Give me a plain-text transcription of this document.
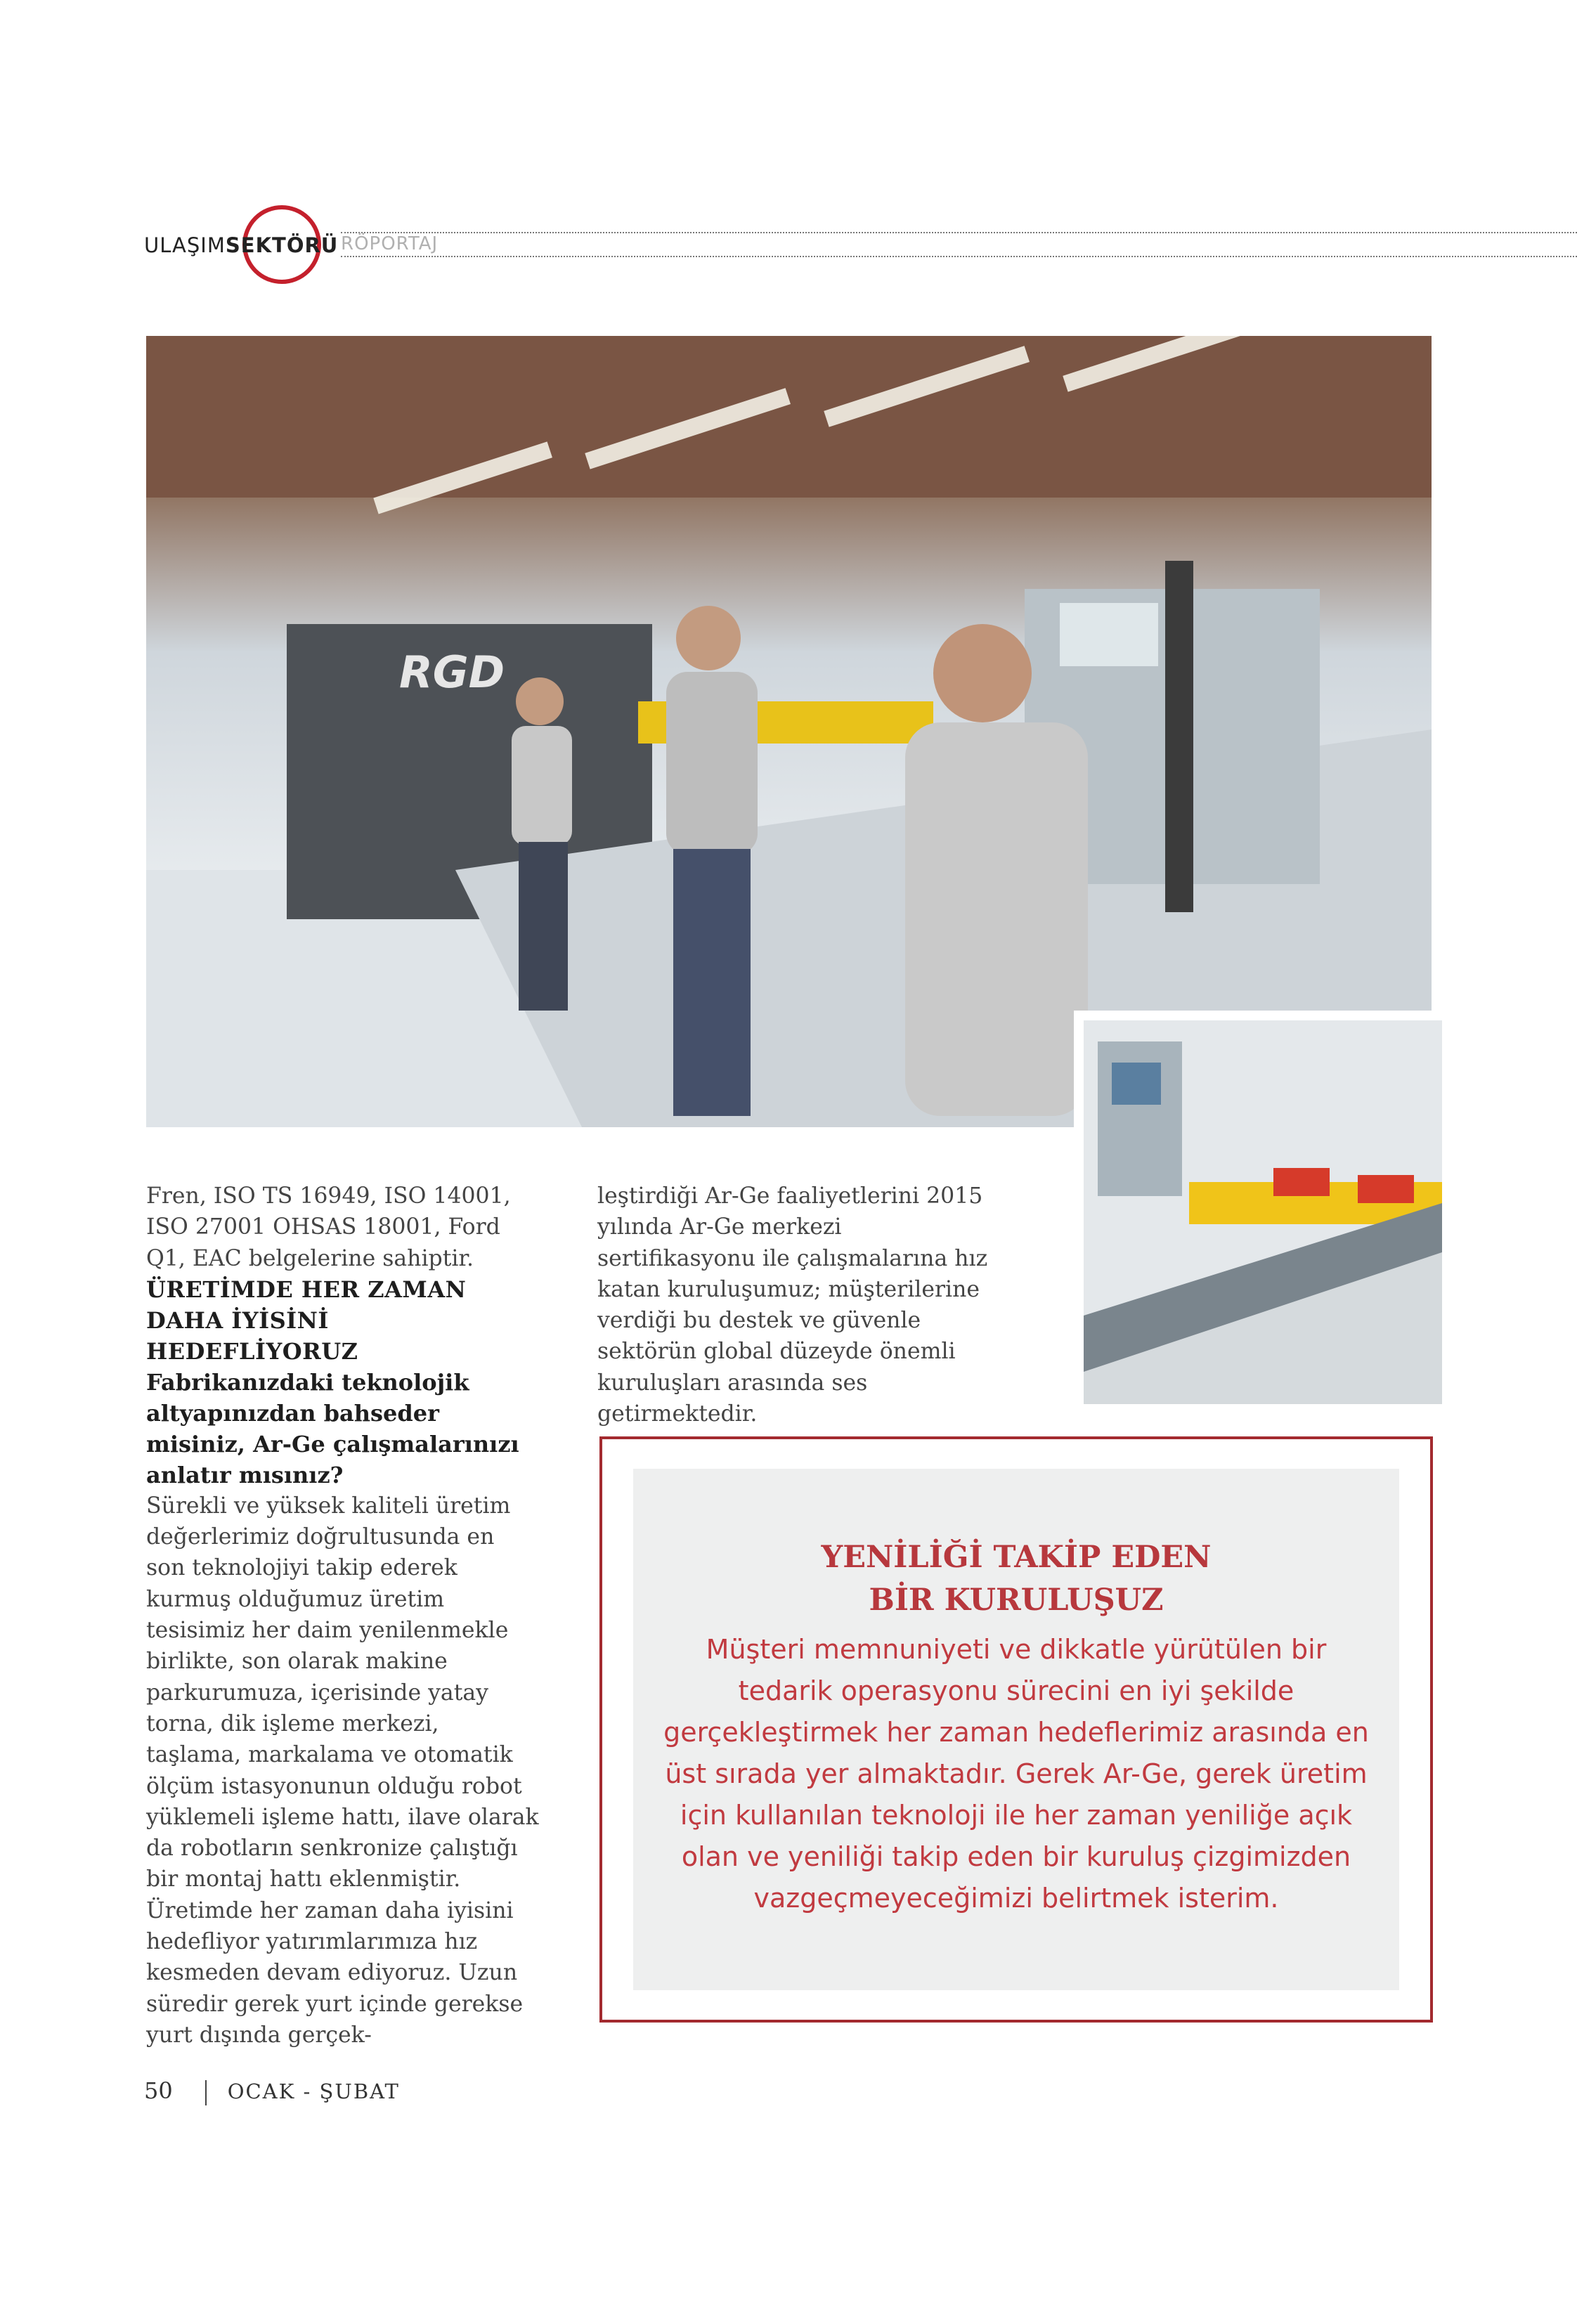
ULAŞIMSEKTÖRÜ RÖPORTAJ
RGD

Fren, ISO TS 16949, ISO 14001, ISO 27001 OHSAS 18001, Ford Q1, EAC belgelerine sahiptir.

ÜRETİMDE HER ZAMAN DAHA İYİSİNİ HEDEFLİYORUZ

Fabrikanızdaki teknolojik altyapınızdan bahseder misiniz, Ar-Ge çalışmalarınızı anlatır mısınız?

Sürekli ve yüksek kaliteli üretim değerlerimiz doğrultusunda en son teknolojiyi takip ederek kurmuş olduğumuz üretim tesisimiz her daim yenilenmekle birlikte, son olarak makine parkurumuza, içerisinde yatay torna, dik işleme merkezi, taşlama, markalama ve otomatik ölçüm istasyonunun olduğu robot yüklemeli işleme hattı, ilave olarak da robotların senkronize çalıştığı bir montaj hattı eklenmiştir. Üretimde her zaman daha iyisini hedefliyor yatırımlarımıza hız kesmeden devam ediyoruz. Uzun süredir gerek yurt içinde gerekse yurt dışında gerçek-

leştirdiği Ar-Ge faaliyetlerini 2015 yılında Ar-Ge merkezi sertifikasyonu ile çalışmalarına hız katan kuruluşumuz; müşterilerine verdiği bu destek ve güvenle sektörün global düzeyde önemli kuruluşları arasında ses getirmektedir.

YENİLİĞİ TAKİP EDEN
BİR KURULUŞUZ
Müşteri memnuniyeti ve dikkatle yürütülen bir tedarik operasyonu sürecini en iyi şekilde gerçekleştirmek her zaman hedeflerimiz arasında en üst sırada yer almaktadır. Gerek Ar-Ge, gerek üretim için kullanılan teknoloji ile her zaman yeniliğe açık olan ve yeniliği takip eden bir kuruluş çizgimizden vazgeçmeyeceğimizi belirtmek isterim.
50	OCAK - ŞUBAT
